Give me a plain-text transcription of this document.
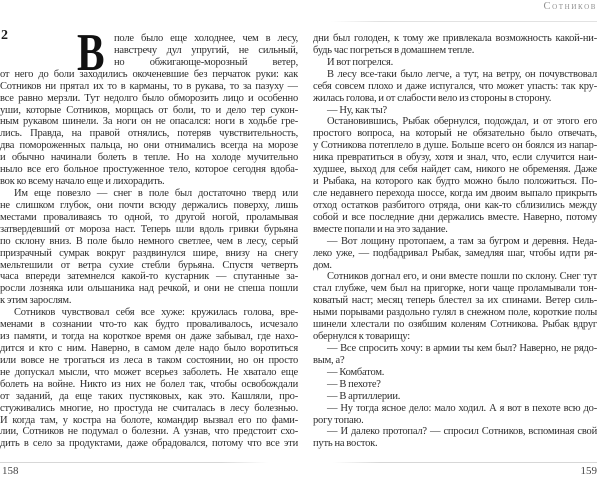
Сотников
2 В поле было еще холоднее, чем в лесу,
навстречу дул упругий, не сильный,
но обжигающе-морозный ветер,
от него до боли заходились окоченевшие без перчаток руки: как
Сотников ни прятал их то в карманы, то в рукава, то за пазуху —
все равно мерзли. Тут недолго было обморозить лицо и особенно
уши, которые Сотников, морщась от боли, то и дело тер сукон-
ным рукавом шинели. За ноги он не опасался: ноги в ходьбе гре-
лись. Правда, на правой отнялись, потеряв чувствительность,
два помороженных пальца, но они отнимались всегда на морозе
и обычно начинали болеть в тепле. Но на холоде мучительно
ныло все его больное простуженное тело, которое сегодня вдоба-
вок ко всему начало еще и лихорадить.
Им еще повезло — снег в поле был достаточно тверд или
не слишком глубок, они почти всюду держались поверху, лишь
местами проваливаясь то одной, то другой ногой, проламывая
затвердевший от мороза наст. Теперь шли вдоль гривки бурьяна
по склону вниз. В поле было немного светлее, чем в лесу, серый
призрачный сумрак вокруг раздвинулся шире, внизу на снегу
мельтешили от ветра сухие стебли бурьяна. Спустя четверть
часа впереди затемнелся какой-то кустарник — спутанные за-
росли лозняка или ольшаника над речкой, и они не спеша пошли
к этим зарослям.
Сотников чувствовал себя все хуже: кружилась голова, вре-
менами в сознании что-то как будто проваливалось, исчезало
из памяти, и тогда на короткое время он даже забывал, где нахо-
дится и кто с ним. Наверно, в самом деле надо было воротиться
или вовсе не трогаться из леса в таком состоянии, но он просто
не допускал мысли, что может всерьез заболеть. Не хватало еще
болеть на войне. Никто из них не болел так, чтобы освобождали
от заданий, да еще таких пустяковых, как это. Кашляли, про-
стуживались многие, но простуда не считалась в лесу болезнью.
И когда там, у костра на болоте, командир вызвал его по фами-
лии, Сотников не подумал о болезни. А узнав, что предстоит схо-
дить в село за продуктами, даже обрадовался, потому что все эти
дни был голоден, к тому же привлекала возможность какой-ни-
будь час погреться в домашнем тепле.
И вот погрелся.
В лесу все-таки было легче, а тут, на ветру, он почувствовал
себя совсем плохо и даже испугался, что может упасть: так кру-
жилась голова, и от слабости вело из стороны в сторону.
— Ну, как ты?
Остановившись, Рыбак обернулся, подождал, и от этого его
простого вопроса, на который не обязательно было отвечать,
у Сотникова потеплело в душе. Больше всего он боялся из напар-
ника превратиться в обузу, хотя и знал, что, если случится наи-
худшее, выход для себя найдет сам, никого не обременяя. Даже
и Рыбака, на которого как будто можно было положиться. По-
сле недавнего перехода шоссе, когда им двоим выпало прикрыть
отход остатков разбитого отряда, они как-то сблизились между
собой и все последние дни держались вместе. Наверно, потому
вместе попали и на это задание.
— Вот лощину протопаем, а там за бугром и деревня. Неда-
леко уже, — подбадривал Рыбак, замедляя шаг, чтобы идти ря-
дом.
Сотников догнал его, и они вместе пошли по склону. Снег тут
стал глубже, чем был на пригорке, ноги чаще проламывали тон-
коватый наст; месяц теперь блестел за их спинами. Ветер силь-
ными порывами раздольно гулял в снежном поле, короткие полы
шинели хлестали по озябшим коленям Сотникова. Рыбак вдруг
обернулся к товарищу:
— Все спросить хочу: в армии ты кем был? Наверно, не рядо-
вым, а?
— Комбатом.
— В пехоте?
— В артиллерии.
— Ну тогда ясное дело: мало ходил. А я вот в пехоте всю до-
рогу топаю.
— И далеко протопал? — спросил Сотников, вспоминая свой
путь на восток.
158	159
